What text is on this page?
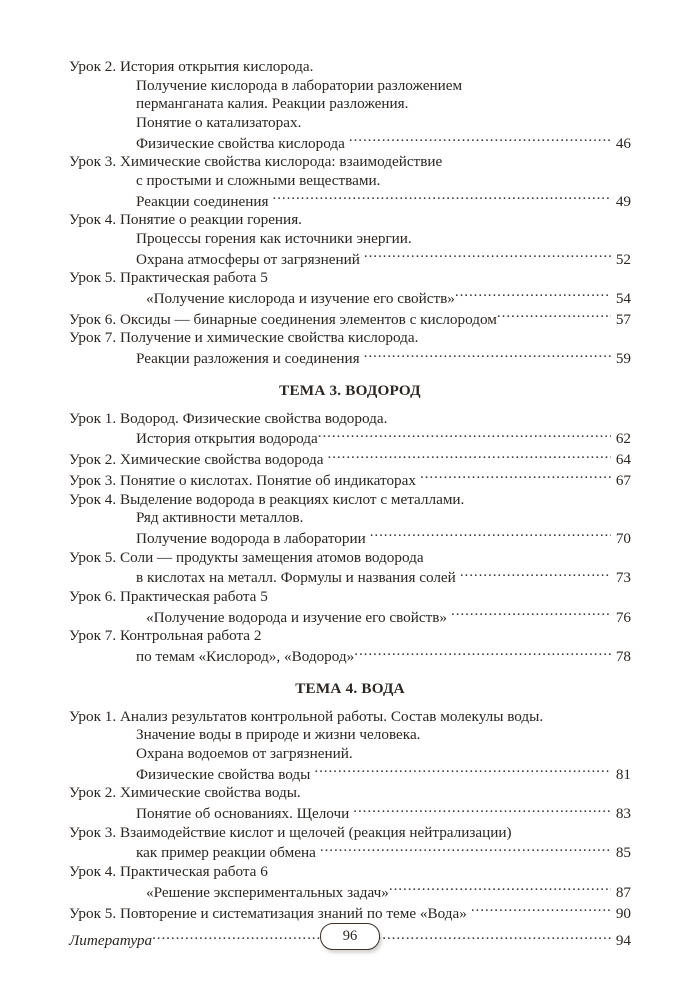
Урок 2. История открытия кислорода.
Получение кислорода в лаборатории разложением
перманганата калия. Реакции разложения.
Понятие о катализаторах.
Физические свойства кислорода .....	46
Урок 3. Химические свойства кислорода: взаимодействие
с простыми и сложными веществами.
Реакции соединения .....	49
Урок 4. Понятие о реакции горения.
Процессы горения как источники энергии.
Охрана атмосферы от загрязнений .....	52
Урок 5. Практическая работа 5
«Получение кислорода и изучение его свойств» .....	54
Урок 6. Оксиды — бинарные соединения элементов с кислородом .....	57
Урок 7. Получение и химические свойства кислорода.
Реакции разложения и соединения .....	59
ТЕМА 3. ВОДОРОД
Урок 1. Водород. Физические свойства водорода.
История открытия водорода .....	62
Урок 2. Химические свойства водорода .....	64
Урок 3. Понятие о кислотах. Понятие об индикаторах .....	67
Урок 4. Выделение водорода в реакциях кислот с металлами.
Ряд активности металлов.
Получение водорода в лаборатории .....	70
Урок 5. Соли — продукты замещения атомов водорода
в кислотах на металл. Формулы и названия солей .....	73
Урок 6. Практическая работа 5
«Получение водорода и изучение его свойств» .....	76
Урок 7. Контрольная работа 2
по темам «Кислород», «Водород» .....	78
ТЕМА 4. ВОДА
Урок 1. Анализ результатов контрольной работы. Состав молекулы воды.
Значение воды в природе и жизни человека.
Охрана водоемов от загрязнений.
Физические свойства воды .....	81
Урок 2. Химические свойства воды.
Понятие об основаниях. Щелочи .....	83
Урок 3. Взаимодействие кислот и щелочей (реакция нейтрализации)
как пример реакции обмена .....	85
Урок 4. Практическая работа 6
«Решение экспериментальных задач» .....	87
Урок 5. Повторение и систематизация знаний по теме «Вода» .....	90
Литература .....	94
96
